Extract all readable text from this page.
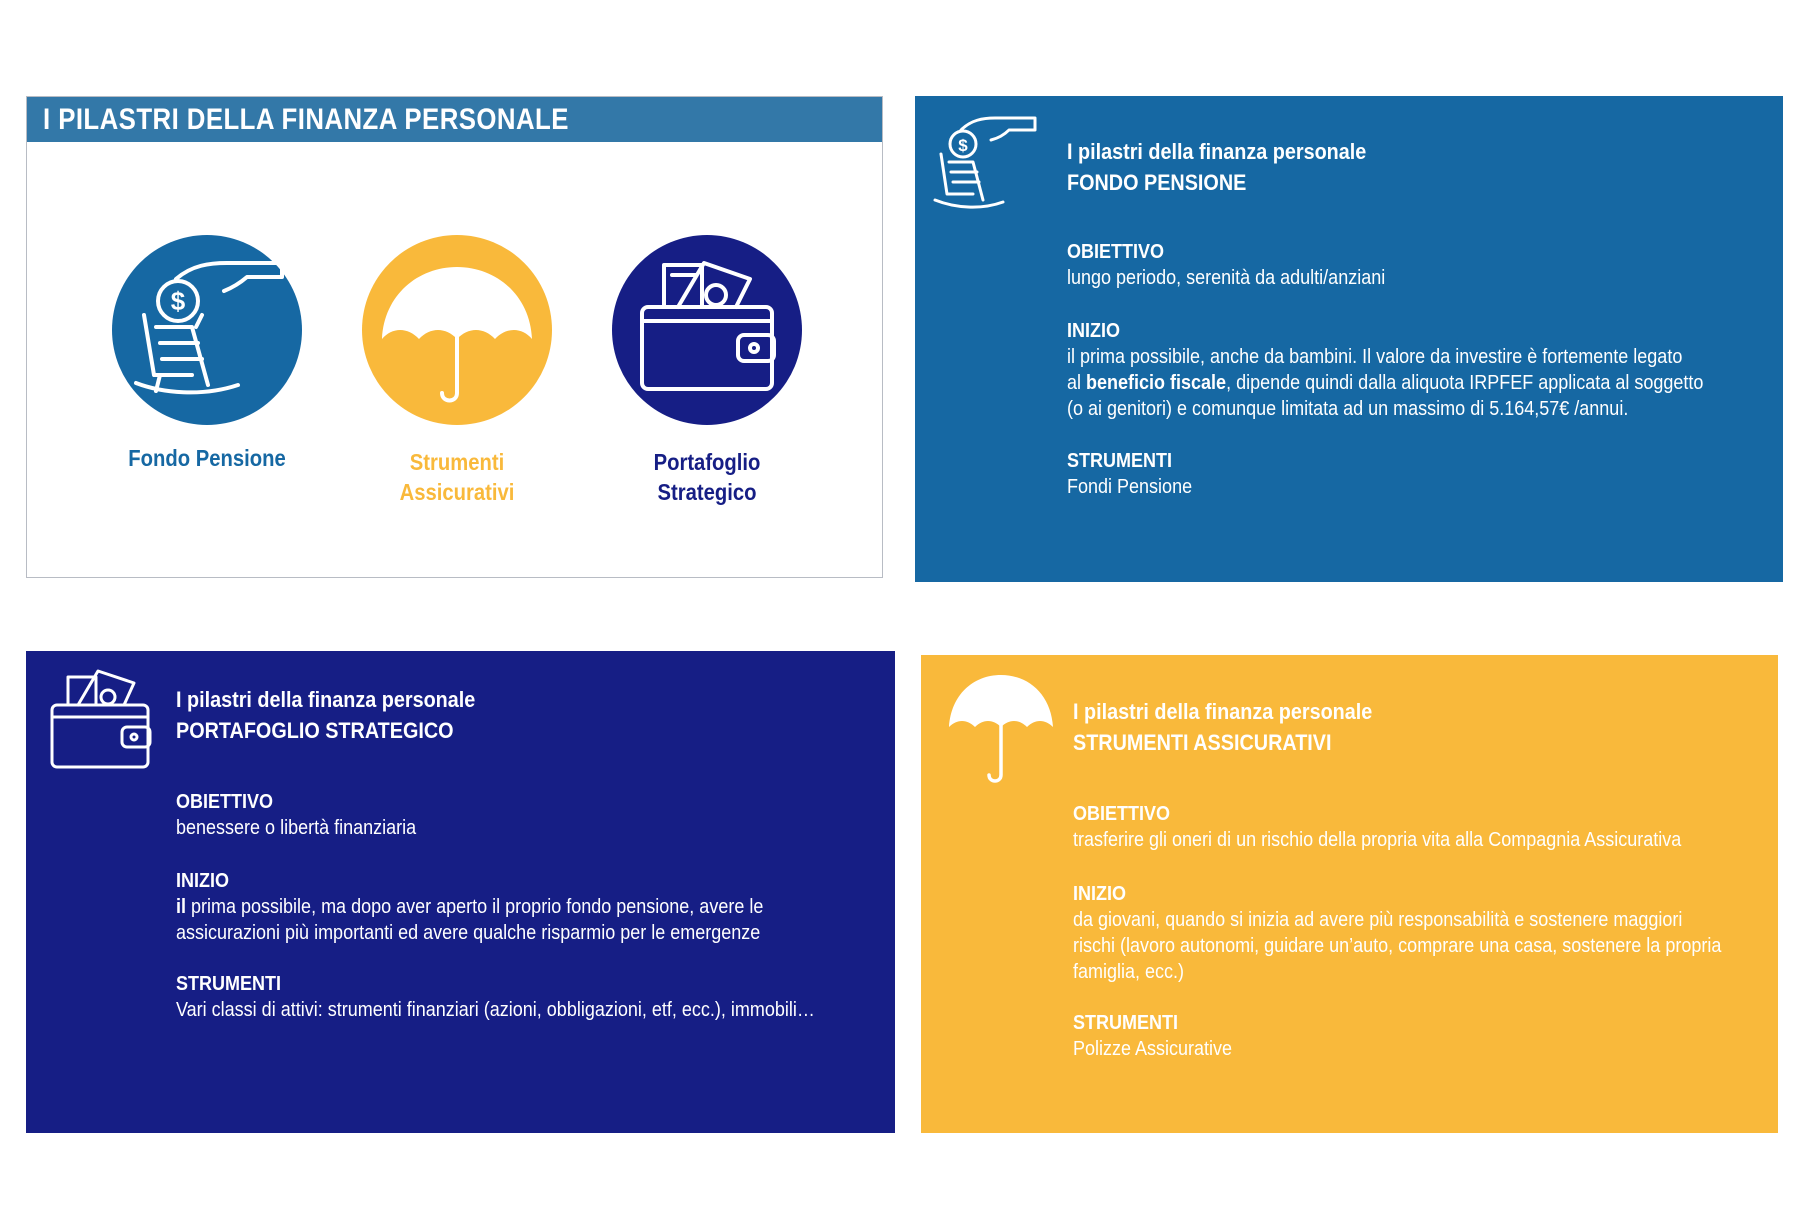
I PILASTRI DELLA FINANZA PERSONALE
$
Fondo Pensione	Strumenti
Assicurativi
Portafoglio
Strategico
$	I pilastri della finanza personale
FONDO PENSIONE
OBIETTIVO

lungo periodo, serenità da adulti/anziani

INIZIO

il prima possibile, anche da bambini. Il valore da investire è fortemente legato

al beneficio fiscale, dipende quindi dalla aliquota IRPFEF applicata al soggetto

(o ai genitori) e comunque limitata ad un massimo di 5.164,57€ /annui.

STRUMENTI

Fondi Pensione

I pilastri della finanza personale
PORTAFOGLIO STRATEGICO
OBIETTIVO

benessere o libertà finanziaria

INIZIO

il prima possibile, ma dopo aver aperto il proprio fondo pensione, avere le

assicurazioni più importanti ed avere qualche risparmio per le emergenze

STRUMENTI

Vari classi di attivi: strumenti finanziari (azioni, obbligazioni, etf, ecc.), immobili…

I pilastri della finanza personale
STRUMENTI ASSICURATIVI
OBIETTIVO

trasferire gli oneri di un rischio della propria vita alla Compagnia Assicurativa

INIZIO

da giovani, quando si inizia ad avere più responsabilità e sostenere maggiori

rischi (lavoro autonomi, guidare un’auto, comprare una casa, sostenere la propria

famiglia, ecc.)

STRUMENTI

Polizze Assicurative
